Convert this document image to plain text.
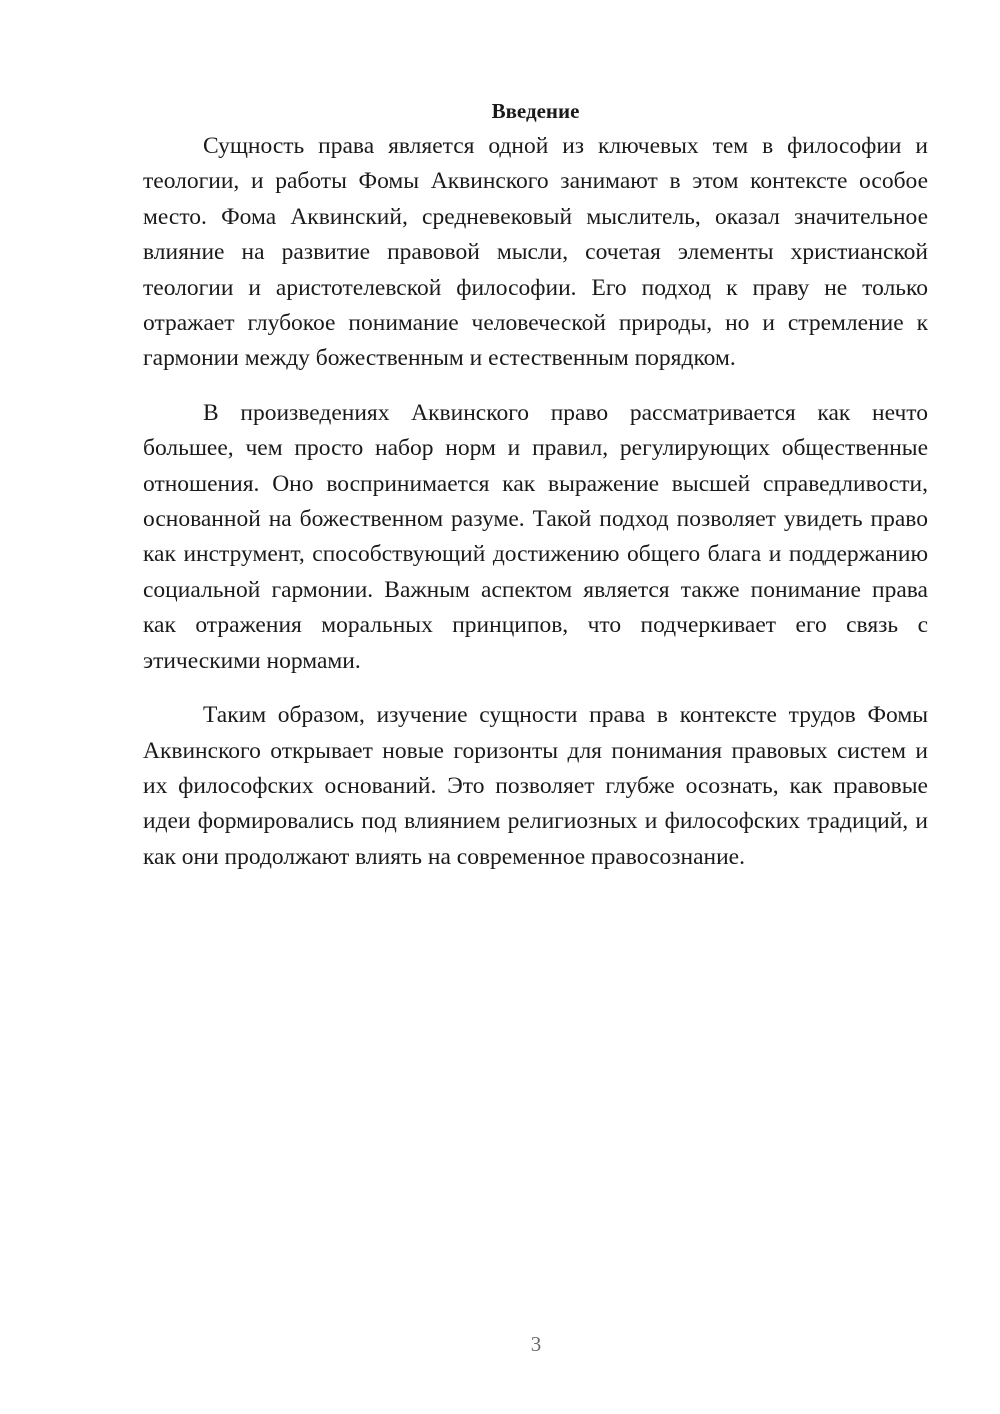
Введение

Сущность права является одной из ключевых тем в философии и теологии, и работы Фомы Аквинского занимают в этом контексте особое место. Фома Аквинский, средневековый мыслитель, оказал значительное влияние на развитие правовой мысли, сочетая элементы христианской теологии и аристотелевской философии. Его подход к праву не только отражает глубокое понимание человеческой природы, но и стремление к гармонии между божественным и естественным порядком.

В произведениях Аквинского право рассматривается как нечто большее, чем просто набор норм и правил, регулирующих общественные отношения. Оно воспринимается как выражение высшей справедливости, основанной на божественном разуме. Такой подход позволяет увидеть право как инструмент, способствующий достижению общего блага и поддержанию социальной гармонии. Важным аспектом является также понимание права как отражения моральных принципов, что подчеркивает его связь с этическими нормами.

Таким образом, изучение сущности права в контексте трудов Фомы Аквинского открывает новые горизонты для понимания правовых систем и их философских оснований. Это позволяет глубже осознать, как правовые идеи формировались под влиянием религиозных и философских традиций, и как они продолжают влиять на современное правосознание.

3
